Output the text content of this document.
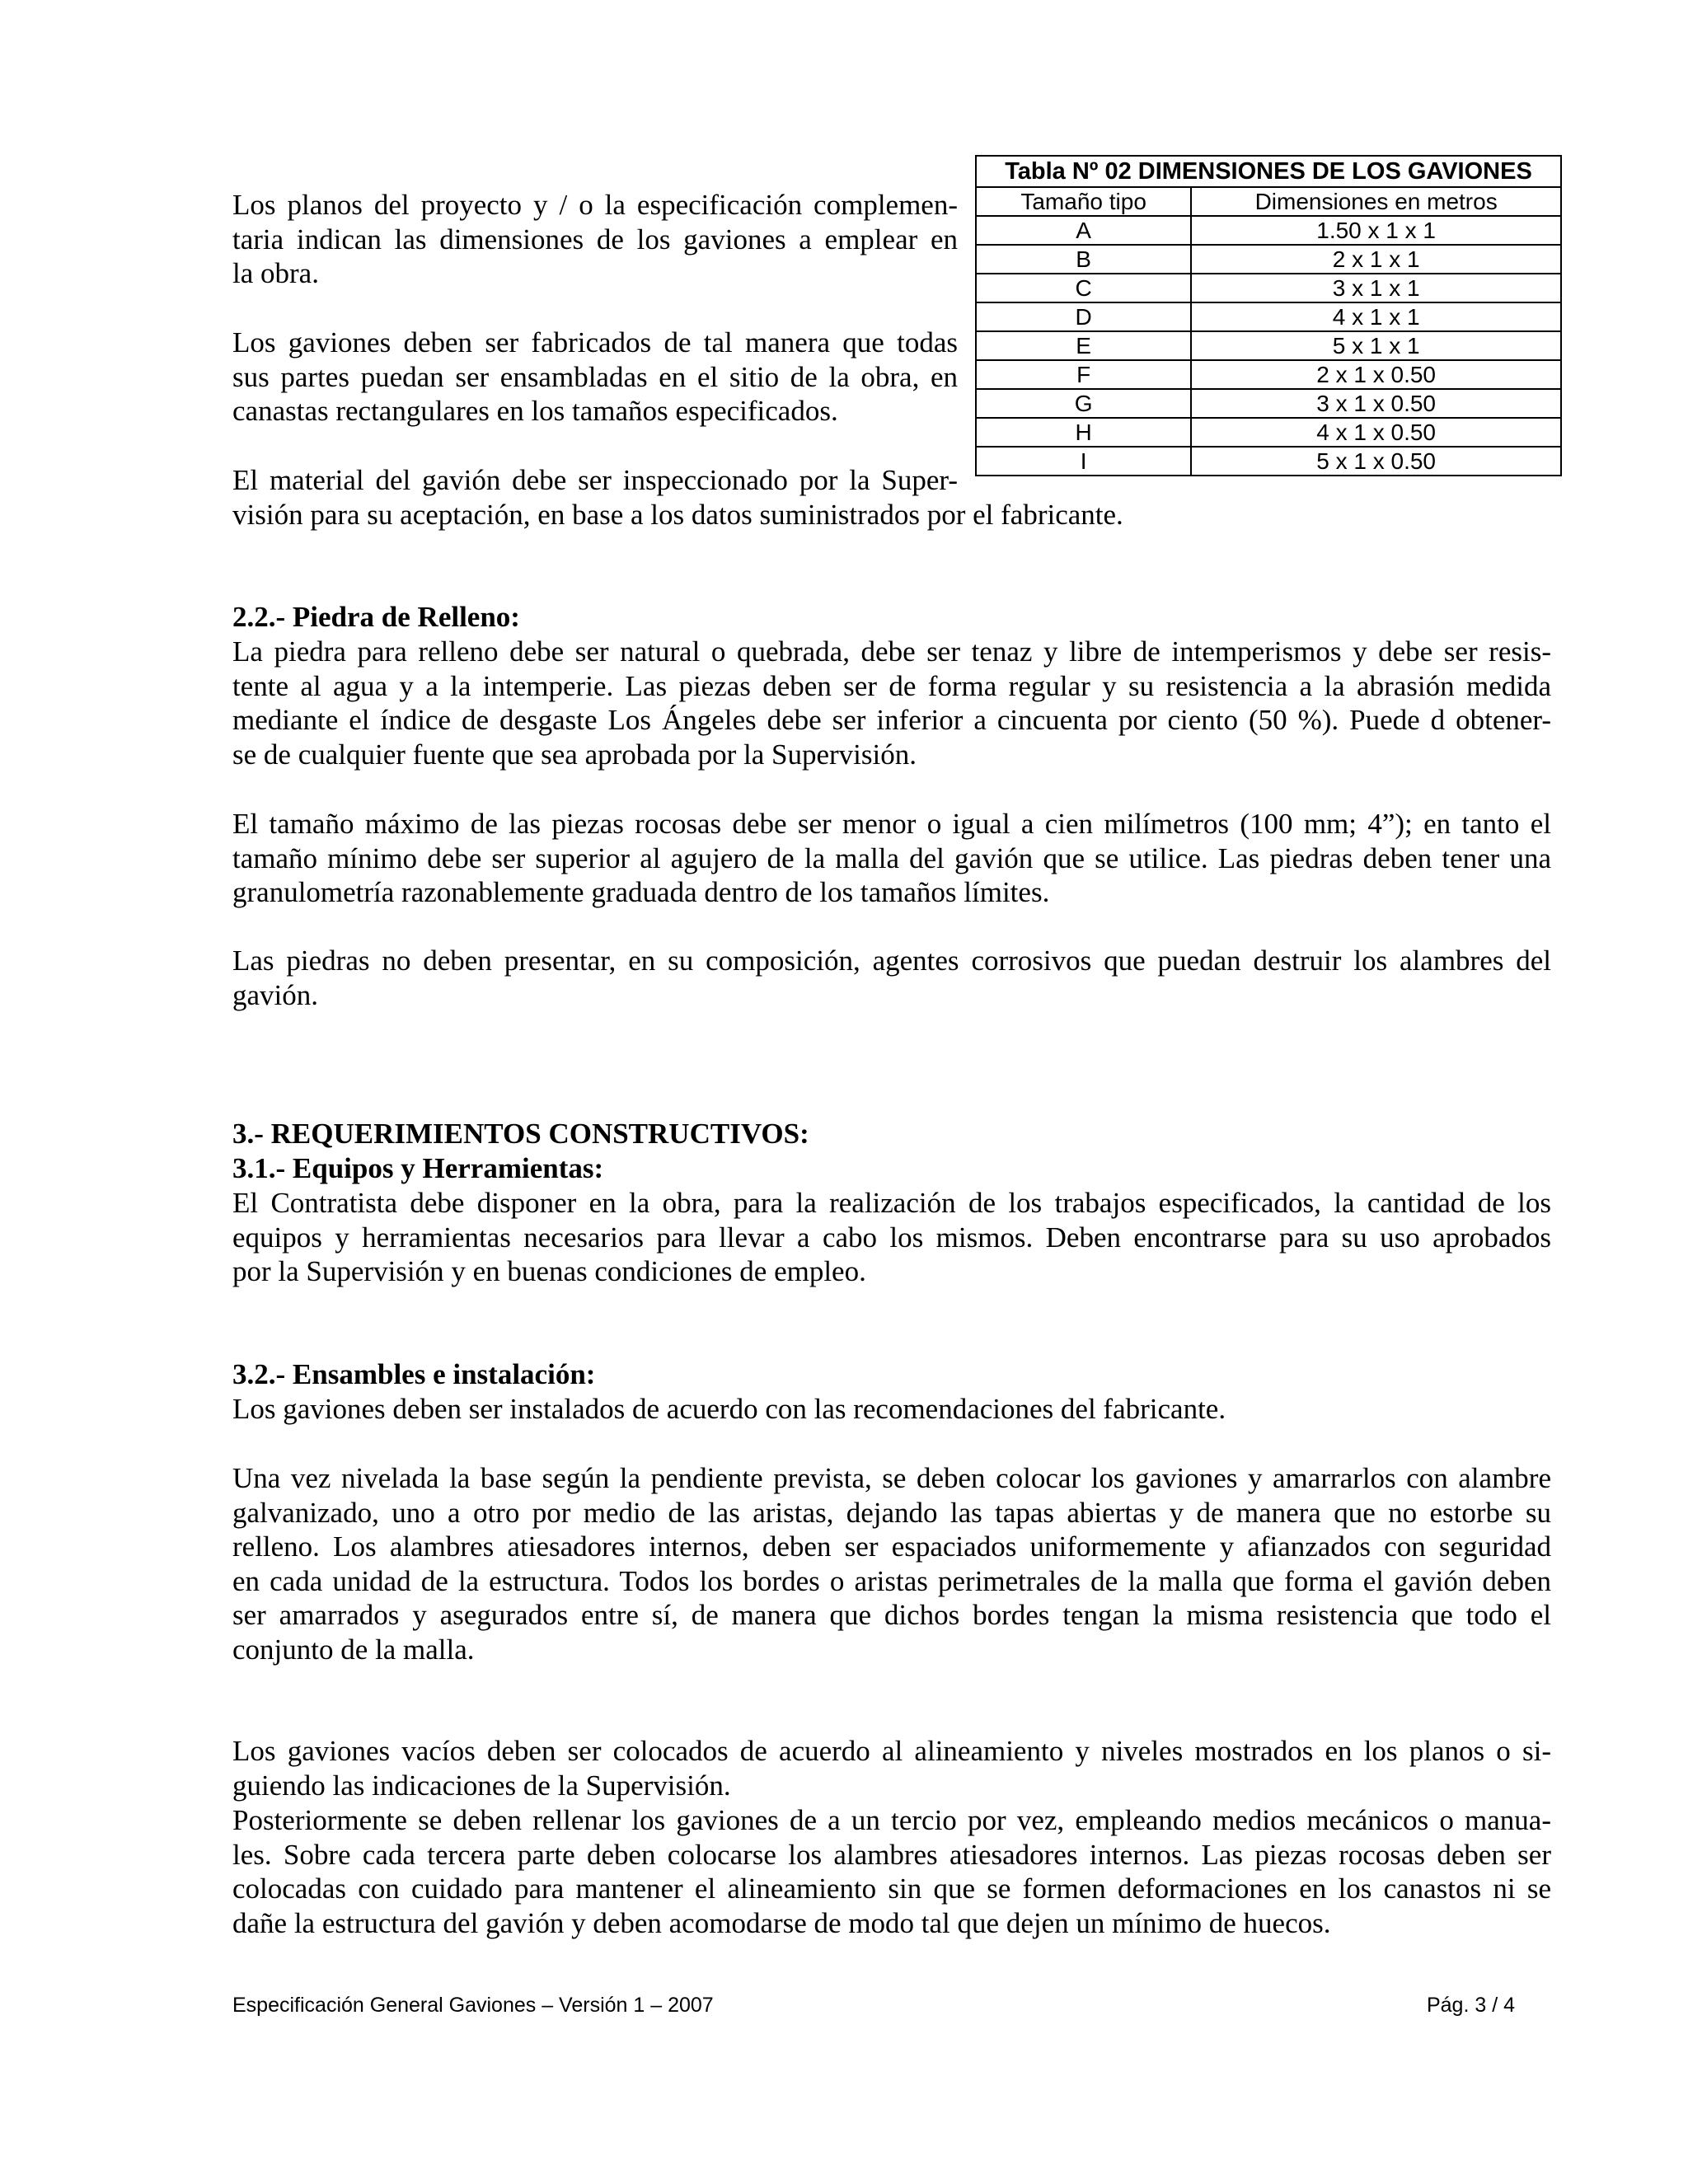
Tabla Nº 02 DIMENSIONES DE LOS GAVIONES	
Tamaño tipo	Dimensiones en metros
A	1.50 x 1 x 1
B	2 x 1 x 1
C	3 x 1 x 1
D	4 x 1 x 1
E	5 x 1 x 1
F	2 x 1 x 0.50
G	3 x 1 x 0.50
H	4 x 1 x 0.50
I	5 x 1 x 0.50
Los planos del proyecto y / o la especificación complemen-
taria indican las dimensiones de los gaviones a emplear en
la obra.
Los gaviones deben ser fabricados de tal manera que todas
sus partes puedan ser ensambladas en el sitio de la obra, en
canastas rectangulares en los tamaños especificados.
El material del gavión debe ser inspeccionado por la Super-
visión para su aceptación, en base a los datos suministrados por el fabricante.
2.2.- Piedra de Relleno:
La piedra para relleno debe ser natural o quebrada, debe ser tenaz y libre de intemperismos y debe ser resis-
tente al agua y a la intemperie. Las piezas deben ser de forma regular y su resistencia a la abrasión medida
mediante el índice de desgaste Los Ángeles debe ser inferior a cincuenta por ciento (50 %). Puede d obtener-
se de cualquier fuente que sea aprobada por la Supervisión.
El tamaño máximo de las piezas rocosas debe ser menor o igual a cien milímetros (100 mm; 4”); en tanto el
tamaño mínimo debe ser superior al agujero de la malla del gavión que se utilice. Las piedras deben tener una
granulometría razonablemente graduada dentro de los tamaños límites.
Las piedras no deben presentar, en su composición, agentes corrosivos que puedan destruir los alambres del
gavión.
3.- REQUERIMIENTOS CONSTRUCTIVOS:
3.1.- Equipos y Herramientas:
El Contratista debe disponer en la obra, para la realización de los trabajos especificados, la cantidad de los
equipos y herramientas necesarios para llevar a cabo los mismos. Deben encontrarse para su uso aprobados
por la Supervisión y en buenas condiciones de empleo.
3.2.- Ensambles e instalación:
Los gaviones deben ser instalados de acuerdo con las recomendaciones del fabricante.
Una vez nivelada la base según la pendiente prevista, se deben colocar los gaviones y amarrarlos con alambre
galvanizado, uno a otro por medio de las aristas, dejando las tapas abiertas y de manera que no estorbe su
relleno. Los alambres atiesadores internos, deben ser espaciados uniformemente y afianzados con seguridad
en cada unidad de la estructura. Todos los bordes o aristas perimetrales de la malla que forma el gavión deben
ser amarrados y asegurados entre sí, de manera que dichos bordes tengan la misma resistencia que todo el
conjunto de la malla.
Los gaviones vacíos deben ser colocados de acuerdo al alineamiento y niveles mostrados en los planos o si-
guiendo las indicaciones de la Supervisión.
Posteriormente se deben rellenar los gaviones de a un tercio por vez, empleando medios mecánicos o manua-
les. Sobre cada tercera parte deben colocarse los alambres atiesadores internos. Las piezas rocosas deben ser
colocadas con cuidado para mantener el alineamiento sin que se formen deformaciones en los canastos ni se
dañe la estructura del gavión y deben acomodarse de modo tal que dejen un mínimo de huecos.
Especificación General Gaviones – Versión 1 – 2007	Pág. 3 / 4
